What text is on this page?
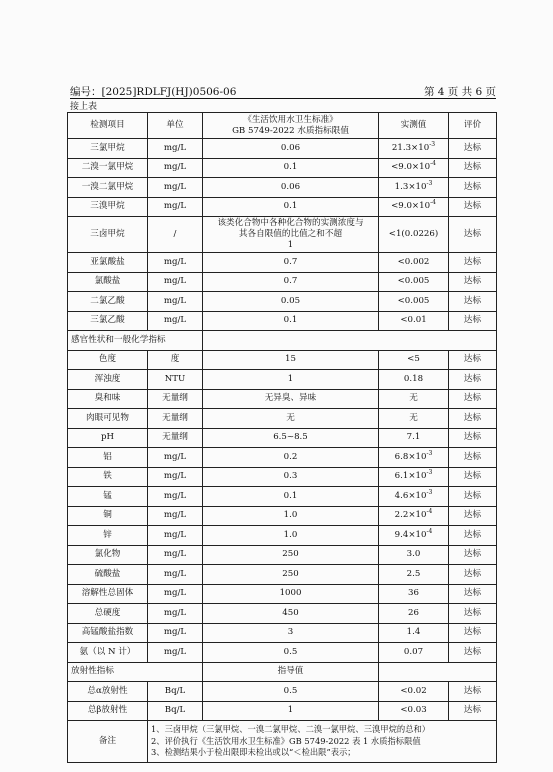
编号：[2025]RDLFJ(HJ)0506-06	第 4 页 共 6 页
接上表
检测项目	单位	《生活饮用水卫生标准》
GB 5749-2022 水质指标限值	实测值	评价
三氯甲烷	mg/L	0.06	$21.3\times 10^{-3}$	达标
二溴一氯甲烷	mg/L	0.1	$<9.0\times 10^{-4}$	达标
一溴二氯甲烷	mg/L	0.06	$1.3\times 10^{-3}$	达标
三溴甲烷	mg/L	0.1	$<9.0\times 10^{-4}$	达标
三卤甲烷	/	该类化合物中各种化合物的实测浓度与
其各自限值的比值之和不超
1	<1(0.0226)	达标
亚氯酸盐	mg/L	0.7	<0.002	达标
氯酸盐	mg/L	0.7	<0.005	达标
二氯乙酸	mg/L	0.05	<0.005	达标
三氯乙酸	mg/L	0.1	<0.01	达标
感官性状和一般化学指标				
色度	度	15	<5	达标
浑浊度	NTU	1	0.18	达标
臭和味	无量纲	无异臭、异味	无	达标
肉眼可见物	无量纲	无	无	达标
pH	无量纲	6.5~8.5	7.1	达标
铝	mg/L	0.2	$6.8\times 10^{-3}$	达标
铁	mg/L	0.3	$6.1\times 10^{-3}$	达标
锰	mg/L	0.1	$4.6\times 10^{-3}$	达标
铜	mg/L	1.0	$2.2\times 10^{-4}$	达标
锌	mg/L	1.0	$9.4\times 10^{-4}$	达标
氯化物	mg/L	250	3.0	达标
硫酸盐	mg/L	250	2.5	达标
溶解性总固体	mg/L	1000	36	达标
总硬度	mg/L	450	26	达标
高锰酸盐指数	mg/L	3	1.4	达标
氨（以 N 计）	mg/L	0.5	0.07	达标
放射性指标		指导值		
总α放射性	Bq/L	0.5	<0.02	达标
总β放射性	Bq/L	1	<0.03	达标
备注	1、三卤甲烷（三氯甲烷、一溴二氯甲烷、二溴一氯甲烷、三溴甲烷的总和）
2、评价执行《生活饮用水卫生标准》GB 5749-2022 表 1 水质指标限值
3、检测结果小于检出限即未检出或以“＜检出限”表示；			
